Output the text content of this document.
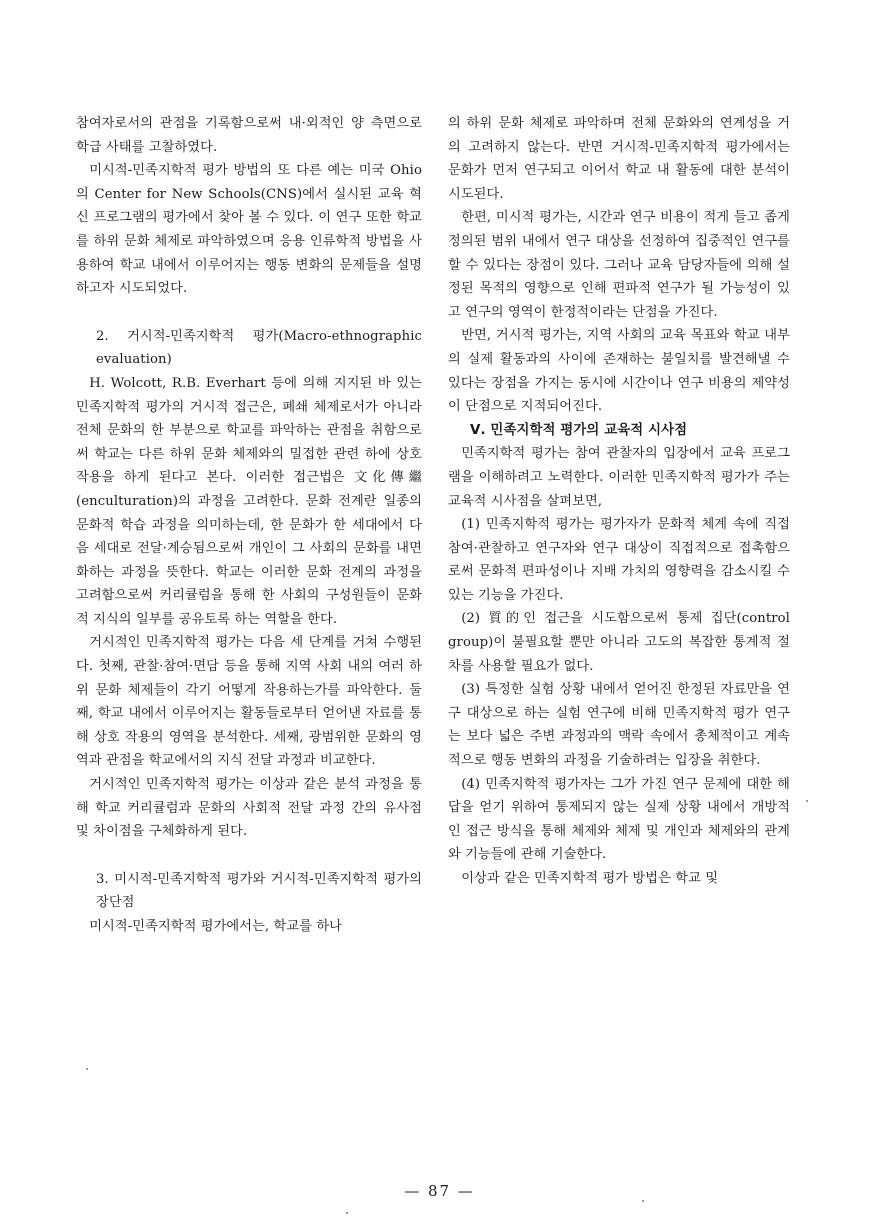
참여자로서의 관점을 기록함으로써 내·외적인 양 측면으로 학급 사태를 고찰하였다.

미시적-민족지학적 평가 방법의 또 다른 예는 미국 Ohio의 Center for New Schools(CNS)에서 실시된 교육 혁신 프로그램의 평가에서 찾아 볼 수 있다. 이 연구 또한 학교를 하위 문화 체제로 파악하였으며 응용 인류학적 방법을 사용하여 학교 내에서 이루어지는 행동 변화의 문제들을 설명하고자 시도되었다.

2. 거시적-민족지학적 평가(Macro-ethnographic evaluation)

H. Wolcott, R.B. Everhart 등에 의해 지지된 바 있는 민족지학적 평가의 거시적 접근은, 폐쇄 체제로서가 아니라 전체 문화의 한 부분으로 학교를 파악하는 관점을 취함으로써 학교는 다른 하위 문화 체제와의 밀접한 관련 하에 상호 작용을 하게 된다고 본다. 이러한 접근법은 文化傳繼(enculturation)의 과정을 고려한다. 문화 전계란 일종의 문화적 학습 과정을 의미하는데, 한 문화가 한 세대에서 다음 세대로 전달·계승됨으로써 개인이 그 사회의 문화를 내면화하는 과정을 뜻한다. 학교는 이러한 문화 전계의 과정을 고려함으로써 커리큘럼을 통해 한 사회의 구성원들이 문화적 지식의 일부를 공유토록 하는 역할을 한다.

거시적인 민족지학적 평가는 다음 세 단계를 거쳐 수행된다. 첫째, 관찰·참여·면담 등을 통해 지역 사회 내의 여러 하위 문화 체제들이 각기 어떻게 작용하는가를 파악한다. 둘째, 학교 내에서 이루어지는 활동들로부터 얻어낸 자료를 통해 상호 작용의 영역을 분석한다. 세째, 광범위한 문화의 영역과 관점을 학교에서의 지식 전달 과정과 비교한다.

거시적인 민족지학적 평가는 이상과 같은 분석 과정을 통해 학교 커리큘럼과 문화의 사회적 전달 과정 간의 유사점 및 차이점을 구체화하게 된다.

3. 미시적-민족지학적 평가와 거시적-민족지학적 평가의 장단점

미시적-민족지학적 평가에서는, 학교를 하나

의 하위 문화 체제로 파악하며 전체 문화와의 연계성을 거의 고려하지 않는다. 반면 거시적-민족지학적 평가에서는 문화가 먼저 연구되고 이어서 학교 내 활동에 대한 분석이 시도된다.

한편, 미시적 평가는, 시간과 연구 비용이 적게 들고 좁게 정의된 범위 내에서 연구 대상을 선정하여 집중적인 연구를 할 수 있다는 장점이 있다. 그러나 교육 담당자들에 의해 설정된 목적의 영향으로 인해 편파적 연구가 될 가능성이 있고 연구의 영역이 한정적이라는 단점을 가진다.

반면, 거시적 평가는, 지역 사회의 교육 목표와 학교 내부의 실제 활동과의 사이에 존재하는 불일치를 발견해낼 수 있다는 장점을 가지는 동시에 시간이나 연구 비용의 제약성이 단점으로 지적되어진다.

Ⅴ. 민족지학적 평가의 교육적 시사점

민족지학적 평가는 참여 관찰자의 입장에서 교육 프로그램을 이해하려고 노력한다. 이러한 민족지학적 평가가 주는 교육적 시사점을 살펴보면,

(1) 민족지학적 평가는 평가자가 문화적 체계 속에 직접 참여·관찰하고 연구자와 연구 대상이 직접적으로 접촉함으로써 문화적 편파성이나 지배 가치의 영향력을 감소시킬 수 있는 기능을 가진다.

(2) 質的인 접근을 시도함으로써 통제 집단(control group)이 불필요할 뿐만 아니라 고도의 복잡한 통계적 절차를 사용할 필요가 없다.

(3) 특정한 실험 상황 내에서 얻어진 한정된 자료만을 연구 대상으로 하는 실험 연구에 비해 민족지학적 평가 연구는 보다 넓은 주변 과정과의 맥락 속에서 총체적이고 계속적으로 행동 변화의 과정을 기술하려는 입장을 취한다.

(4) 민족지학적 평가자는 그가 가진 연구 문제에 대한 해답을 얻기 위하여 통제되지 않는 실제 상황 내에서 개방적인 접근 방식을 통해 체제와 체제 및 개인과 체제와의 관계와 기능들에 관해 기술한다.

이상과 같은 민족지학적 평가 방법은 학교 및

— 87 —
